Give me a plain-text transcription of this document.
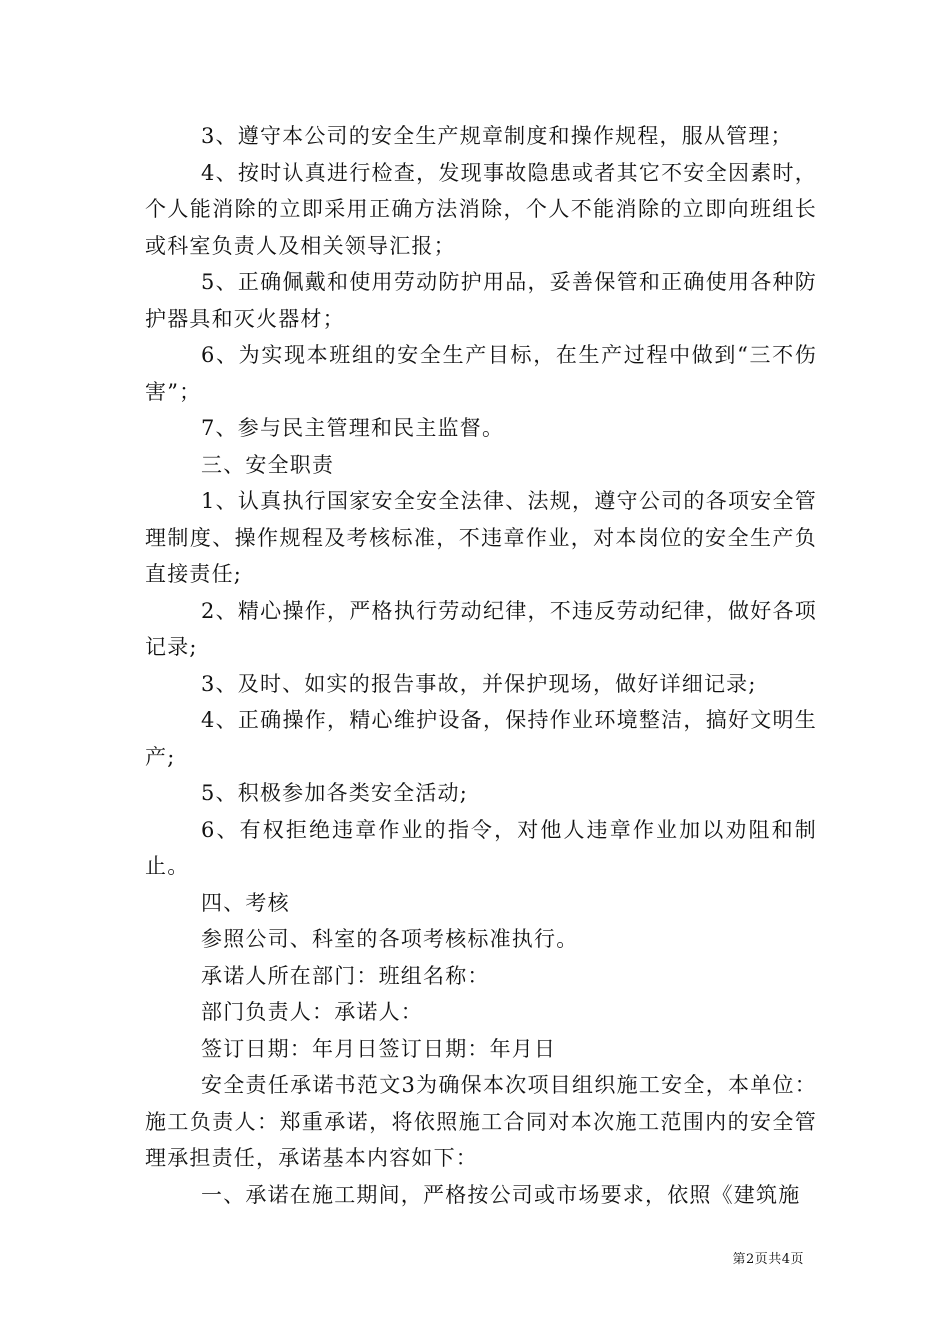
3、遵守本公司的安全生产规章制度和操作规程，服从管理；

4、按时认真进行检查，发现事故隐患或者其它不安全因素时，个人能消除的立即采用正确方法消除，个人不能消除的立即向班组长或科室负责人及相关领导汇报；

5、正确佩戴和使用劳动防护用品，妥善保管和正确使用各种防护器具和灭火器材；

6、为实现本班组的安全生产目标，在生产过程中做到“三不伤害”；

7、参与民主管理和民主监督。

三、安全职责

1、认真执行国家安全安全法律、法规，遵守公司的各项安全管理制度、操作规程及考核标准，不违章作业，对本岗位的安全生产负直接责任;

2、精心操作，严格执行劳动纪律，不违反劳动纪律，做好各项记录;

3、及时、如实的报告事故，并保护现场，做好详细记录;

4、正确操作，精心维护设备，保持作业环境整洁，搞好文明生产;

5、积极参加各类安全活动;

6、有权拒绝违章作业的指令，对他人违章作业加以劝阻和制止。

四、考核

参照公司、科室的各项考核标准执行。

承诺人所在部门：班组名称：

部门负责人：承诺人：

签订日期：年月日签订日期：年月日

安全责任承诺书范文3为确保本次项目组织施工安全，本单位：施工负责人：郑重承诺，将依照施工合同对本次施工范围内的安全管理承担责任，承诺基本内容如下：

一、承诺在施工期间，严格按公司或市场要求，依照《建筑施

第2页共4页
